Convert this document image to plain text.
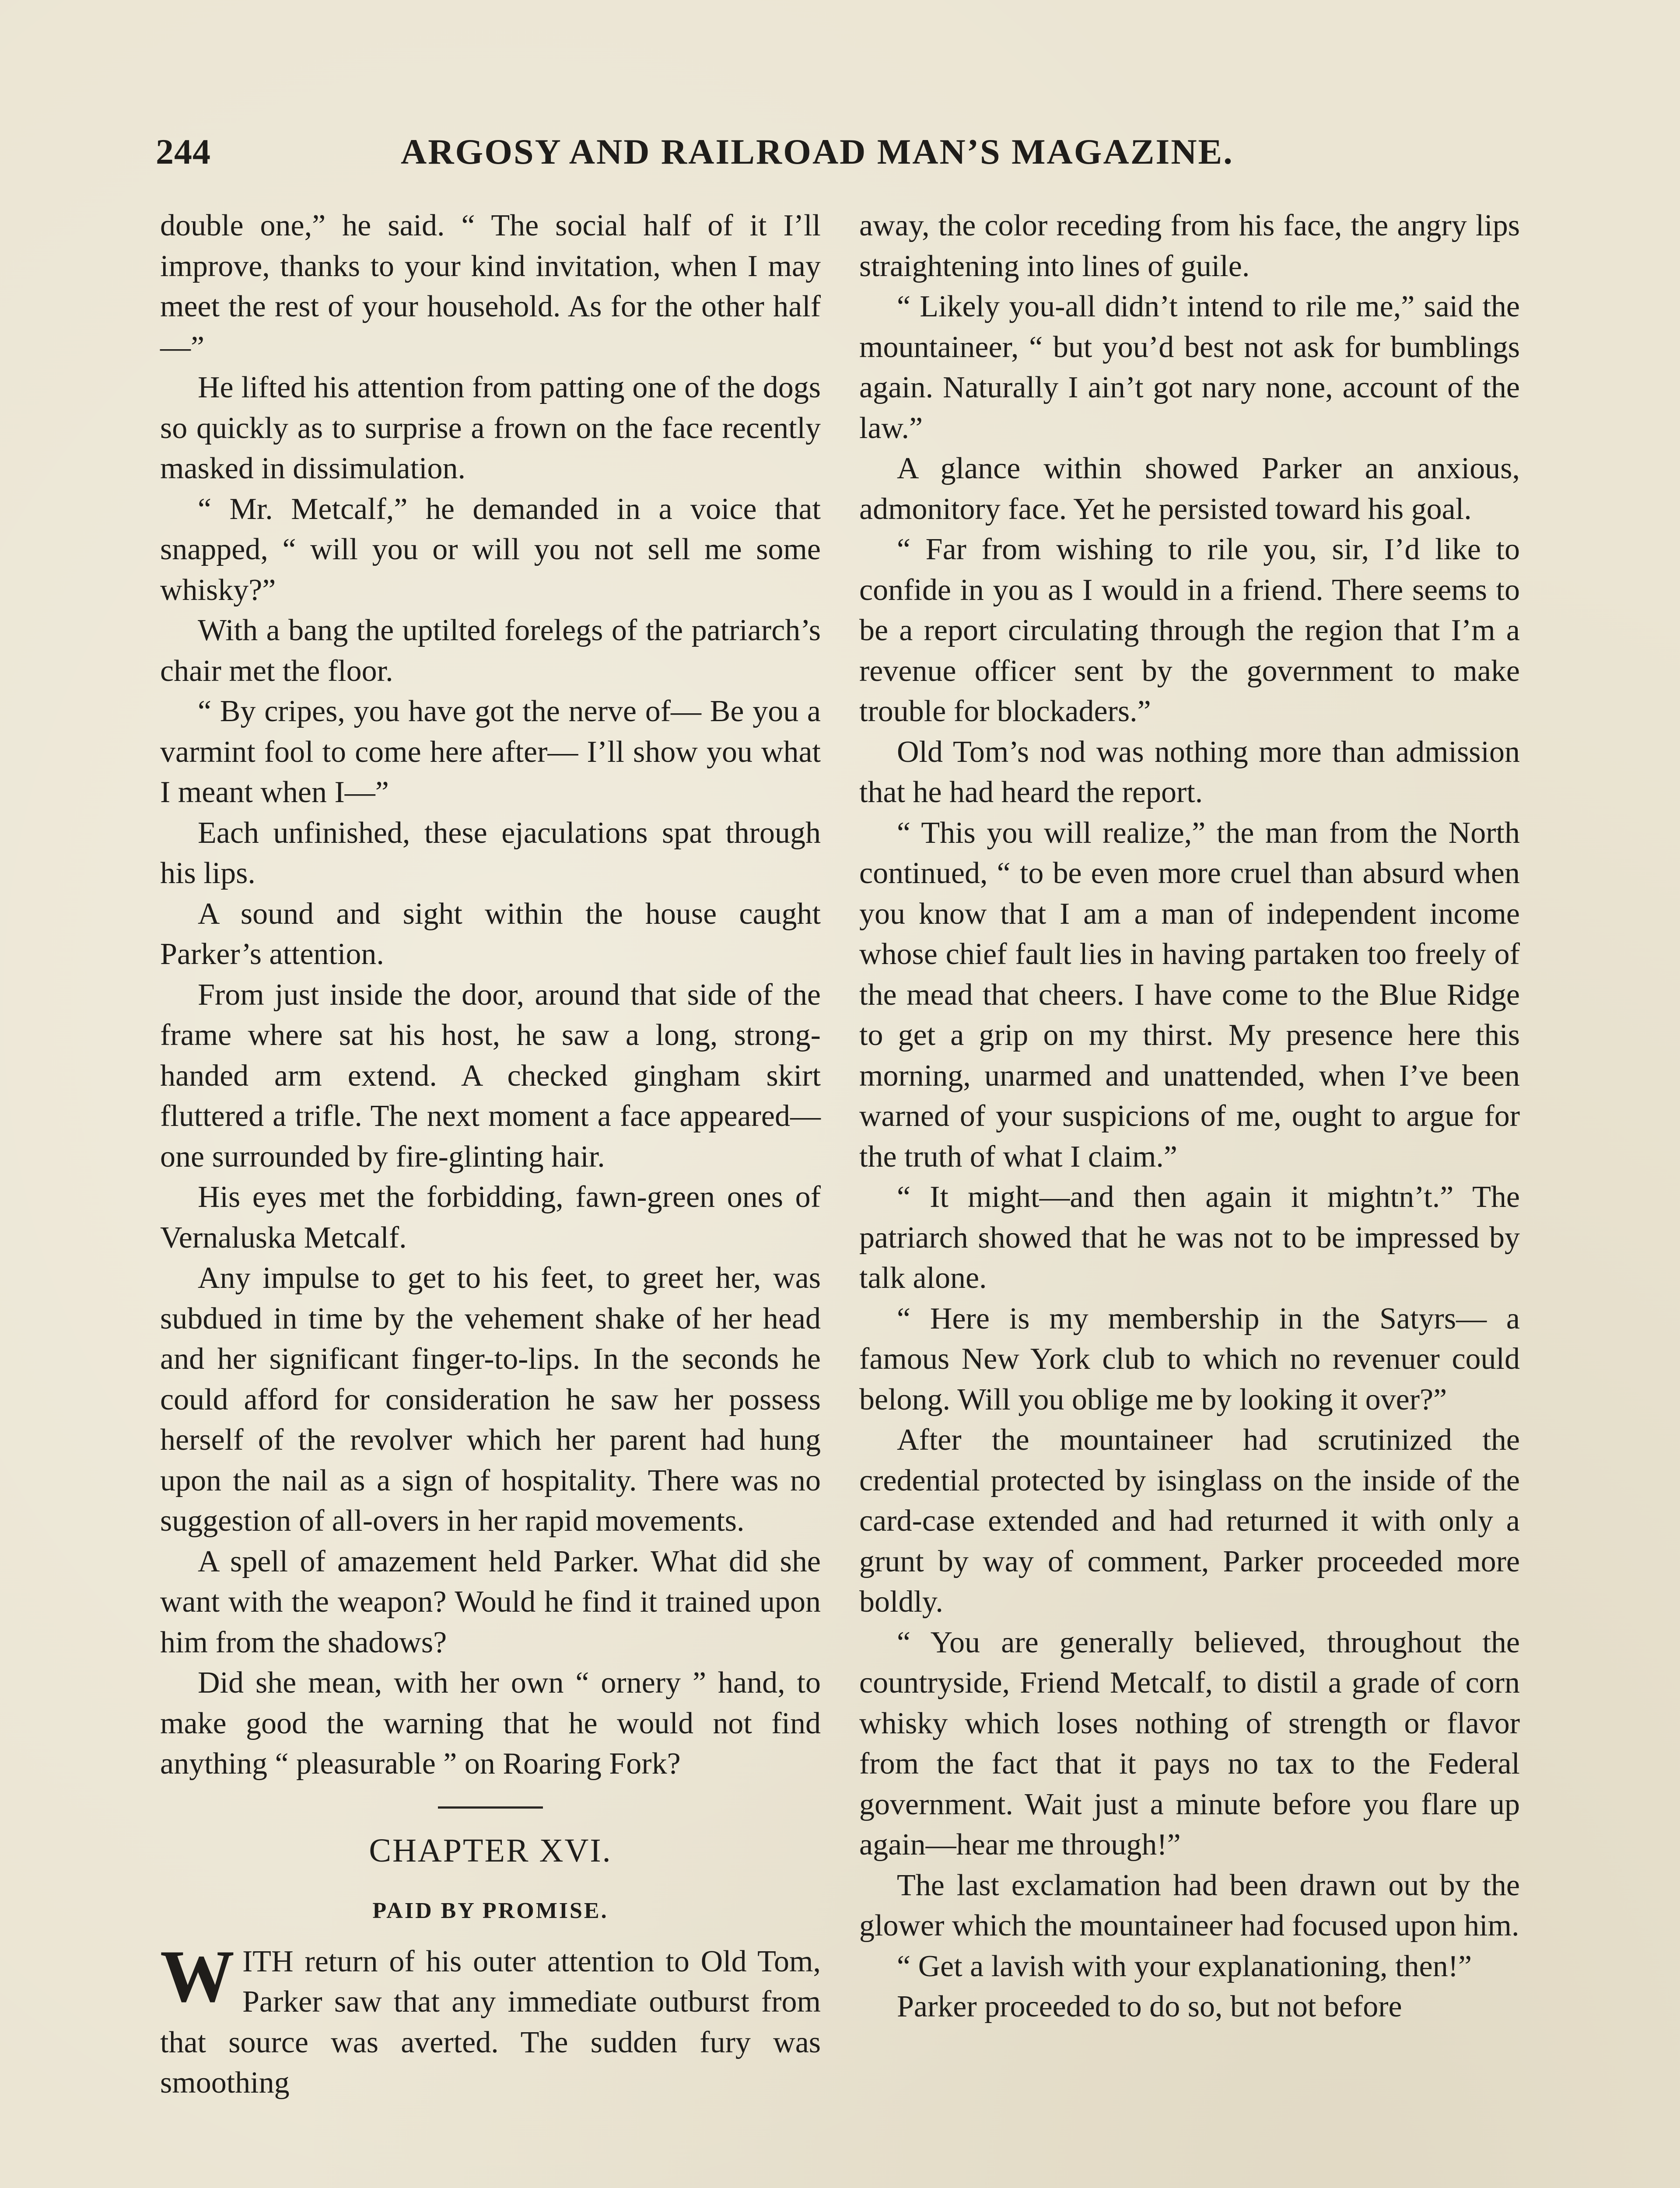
244	ARGOSY AND RAILROAD MAN’S MAGAZINE.

double one,” he said. “ The social half of it I’ll improve, thanks to your kind invitation, when I may meet the rest of your household. As for the other half—”

He lifted his attention from patting one of the dogs so quickly as to surprise a frown on the face recently masked in dissimulation.

“ Mr. Metcalf,” he demanded in a voice that snapped, “ will you or will you not sell me some whisky?”

With a bang the uptilted forelegs of the patriarch’s chair met the floor.

“ By cripes, you have got the nerve of— Be you a varmint fool to come here after— I’ll show you what I meant when I—”

Each unfinished, these ejaculations spat through his lips.

A sound and sight within the house caught Parker’s attention.

From just inside the door, around that side of the frame where sat his host, he saw a long, strong-handed arm extend. A checked gingham skirt fluttered a trifle. The next moment a face appeared—one surrounded by fire-glinting hair.

His eyes met the forbidding, fawn-green ones of Vernaluska Metcalf.

Any impulse to get to his feet, to greet her, was subdued in time by the vehement shake of her head and her significant finger-to-lips. In the seconds he could afford for consideration he saw her possess herself of the revolver which her parent had hung upon the nail as a sign of hospitality. There was no suggestion of all-overs in her rapid movements.

A spell of amazement held Parker. What did she want with the weapon? Would he find it trained upon him from the shadows?

Did she mean, with her own “ ornery ” hand, to make good the warning that he would not find anything “ pleasurable ” on Roaring Fork?

CHAPTER XVI.
PAID BY PROMISE.

WITH return of his outer attention to Old Tom, Parker saw that any immediate outburst from that source was averted. The sudden fury was smoothing

away, the color receding from his face, the angry lips straightening into lines of guile.

“ Likely you-all didn’t intend to rile me,” said the mountaineer, “ but you’d best not ask for bumblings again. Naturally I ain’t got nary none, account of the law.”

A glance within showed Parker an anxious, admonitory face. Yet he persisted toward his goal.

“ Far from wishing to rile you, sir, I’d like to confide in you as I would in a friend. There seems to be a report circulating through the region that I’m a revenue officer sent by the government to make trouble for blockaders.”

Old Tom’s nod was nothing more than admission that he had heard the report.

“ This you will realize,” the man from the North continued, “ to be even more cruel than absurd when you know that I am a man of independent income whose chief fault lies in having partaken too freely of the mead that cheers. I have come to the Blue Ridge to get a grip on my thirst. My presence here this morning, unarmed and unattended, when I’ve been warned of your suspicions of me, ought to argue for the truth of what I claim.”

“ It might—and then again it mightn’t.” The patriarch showed that he was not to be impressed by talk alone.

“ Here is my membership in the Satyrs— a famous New York club to which no revenuer could belong. Will you oblige me by looking it over?”

After the mountaineer had scrutinized the credential protected by isinglass on the inside of the card-case extended and had returned it with only a grunt by way of comment, Parker proceeded more boldly.

“ You are generally believed, throughout the countryside, Friend Metcalf, to distil a grade of corn whisky which loses nothing of strength or flavor from the fact that it pays no tax to the Federal government. Wait just a minute before you flare up again—hear me through!”

The last exclamation had been drawn out by the glower which the mountaineer had focused upon him.

“ Get a lavish with your explanationing, then!”

Parker proceeded to do so, but not before
